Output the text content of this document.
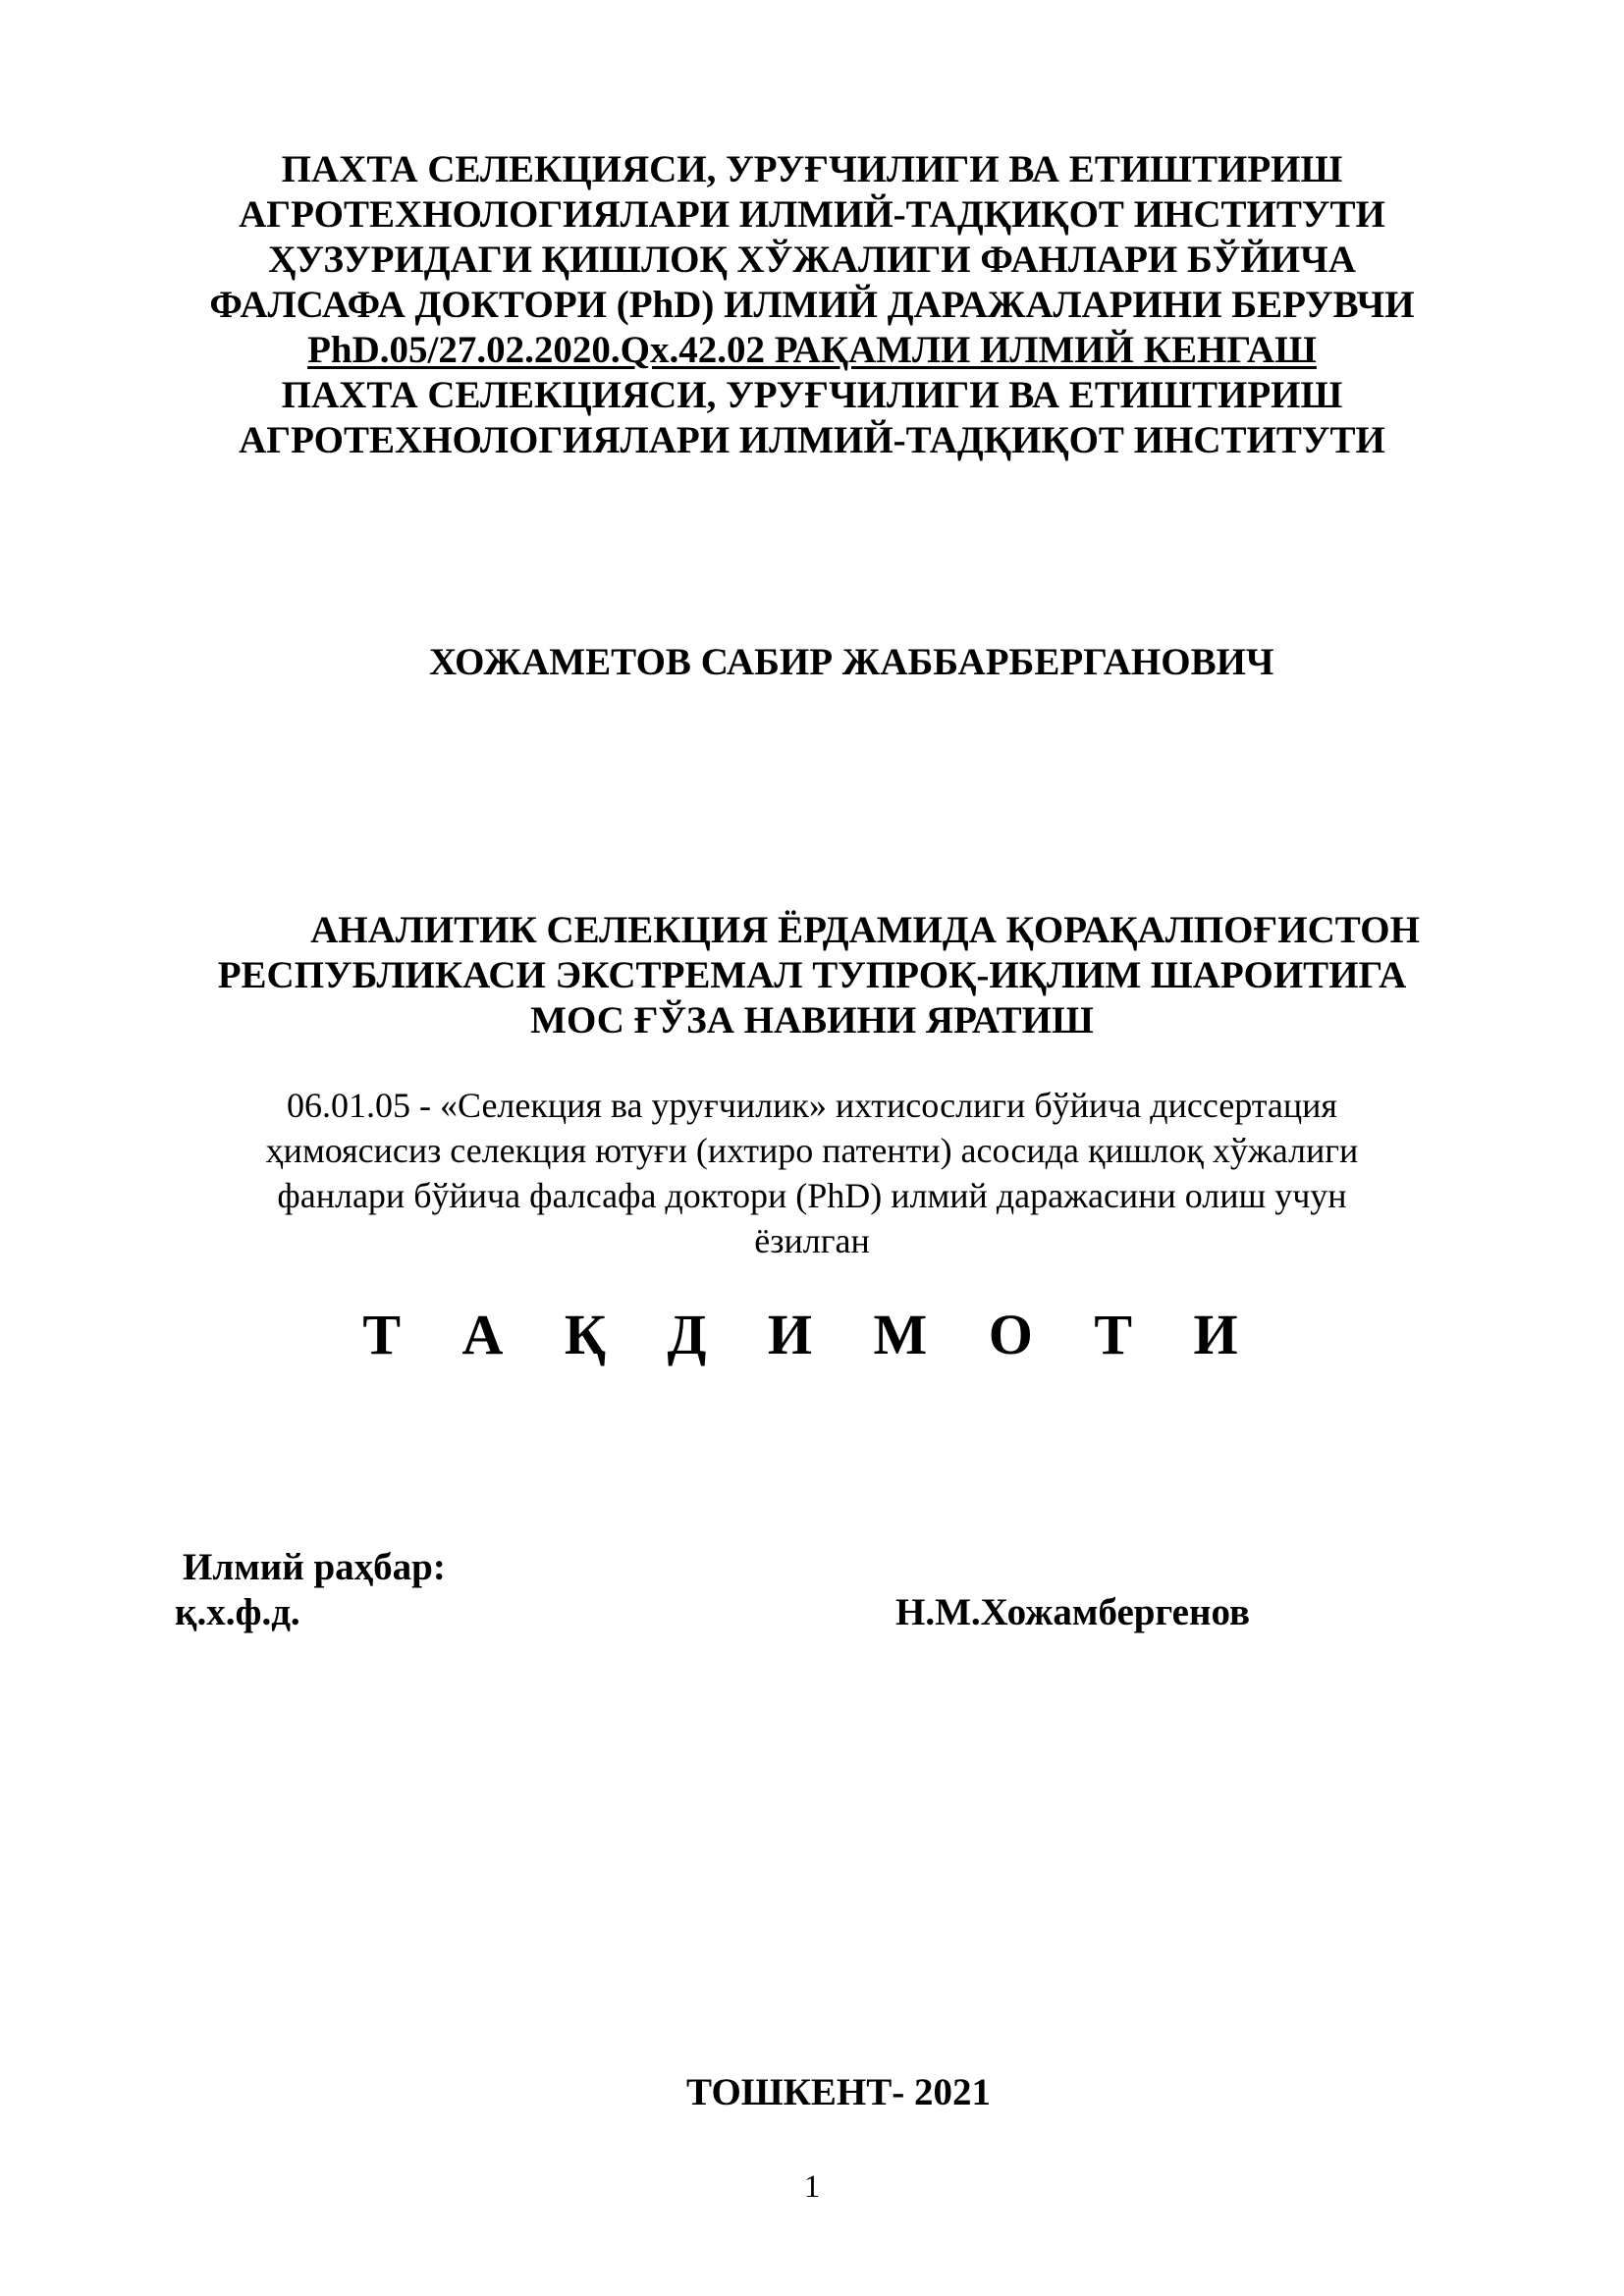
ПАХТА СЕЛЕКЦИЯСИ, УРУҒЧИЛИГИ ВА ЕТИШТИРИШ
АГРОТЕХНОЛОГИЯЛАРИ ИЛМИЙ-ТАДҚИҚОТ ИНСТИТУТИ
ҲУЗУРИДАГИ ҚИШЛОҚ ХЎЖАЛИГИ ФАНЛАРИ БЎЙИЧА
ФАЛСАФА ДОКТОРИ (PhD) ИЛМИЙ ДАРАЖАЛАРИНИ БЕРУВЧИ
PhD.05/27.02.2020.Qx.42.02 РАҚАМЛИ ИЛМИЙ КЕНГАШ
ПАХТА СЕЛЕКЦИЯСИ, УРУҒЧИЛИГИ ВА ЕТИШТИРИШ
АГРОТЕХНОЛОГИЯЛАРИ ИЛМИЙ-ТАДҚИҚОТ ИНСТИТУТИ
ХОЖАМЕТОВ САБИР ЖАББАРБЕРГАНОВИЧ
АНАЛИТИК СЕЛЕКЦИЯ ЁРДАМИДА ҚОРАҚАЛПОҒИСТОН
РЕСПУБЛИКАСИ ЭКСТРЕМАЛ ТУПРОҚ-ИҚЛИМ ШАРОИТИГА
МОС ҒЎЗА НАВИНИ ЯРАТИШ
06.01.05 - «Селекция ва уруғчилик» ихтисослиги бўйича диссертация
ҳимоясисиз селекция ютуғи (ихтиро патенти) асосида қишлоқ хўжалиги
фанлари бўйича фалсафа доктори (PhD) илмий даражасини олиш учун
ёзилган
Т А Қ Д И М О Т И
Илмий раҳбар:
қ.х.ф.д.	Н.М.Хожамбергенов
ТОШКЕНТ- 2021
1
